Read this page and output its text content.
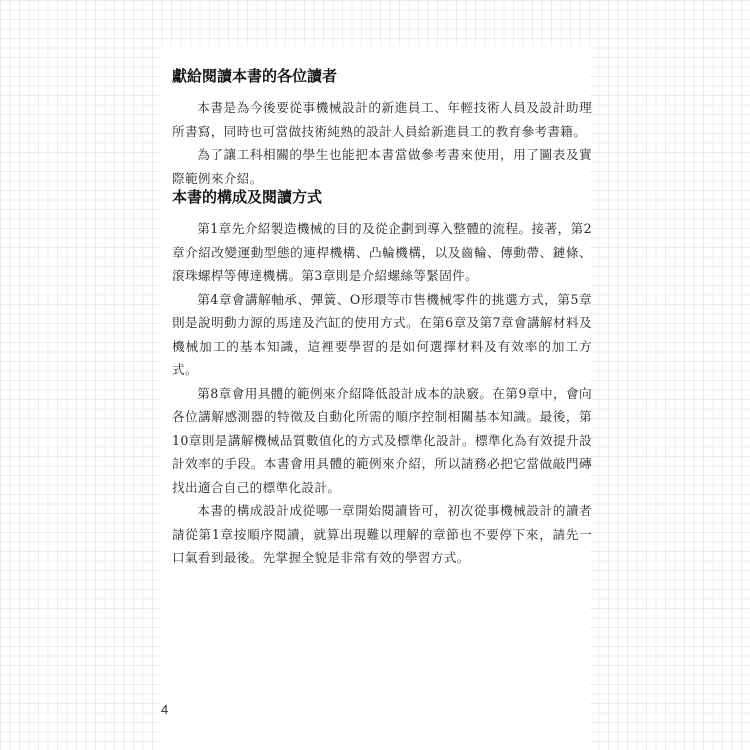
獻給閱讀本書的各位讀者

本書是為今後要從事機械設計的新進員工、年輕技術人員及設計助理所書寫，同時也可當做技術純熟的設計人員給新進員工的教育參考書籍。

為了讓工科相關的學生也能把本書當做參考書來使用，用了圖表及實際範例來介紹。

本書的構成及閱讀方式

第1章先介紹製造機械的目的及從企劃到導入整體的流程。接著，第2章介紹改變運動型態的連桿機構、凸輪機構，以及齒輪、傳動帶、鏈條、滾珠螺桿等傳達機構。第3章則是介紹螺絲等緊固件。

第4章會講解軸承、彈簧、O形環等市售機械零件的挑選方式，第5章則是說明動力源的馬達及汽缸的使用方式。在第6章及第7章會講解材料及機械加工的基本知識，這裡要學習的是如何選擇材料及有效率的加工方式。

第8章會用具體的範例來介紹降低設計成本的訣竅。在第9章中，會向各位講解感測器的特徵及自動化所需的順序控制相關基本知識。最後，第10章則是講解機械品質數值化的方式及標準化設計。標準化為有效提升設計效率的手段。本書會用具體的範例來介紹，所以請務必把它當做敲門磚找出適合自己的標準化設計。

本書的構成設計成從哪一章開始閱讀皆可，初次從事機械設計的讀者請從第1章按順序閱讀，就算出現難以理解的章節也不要停下來，請先一口氣看到最後。先掌握全貌是非常有效的學習方式。

4
